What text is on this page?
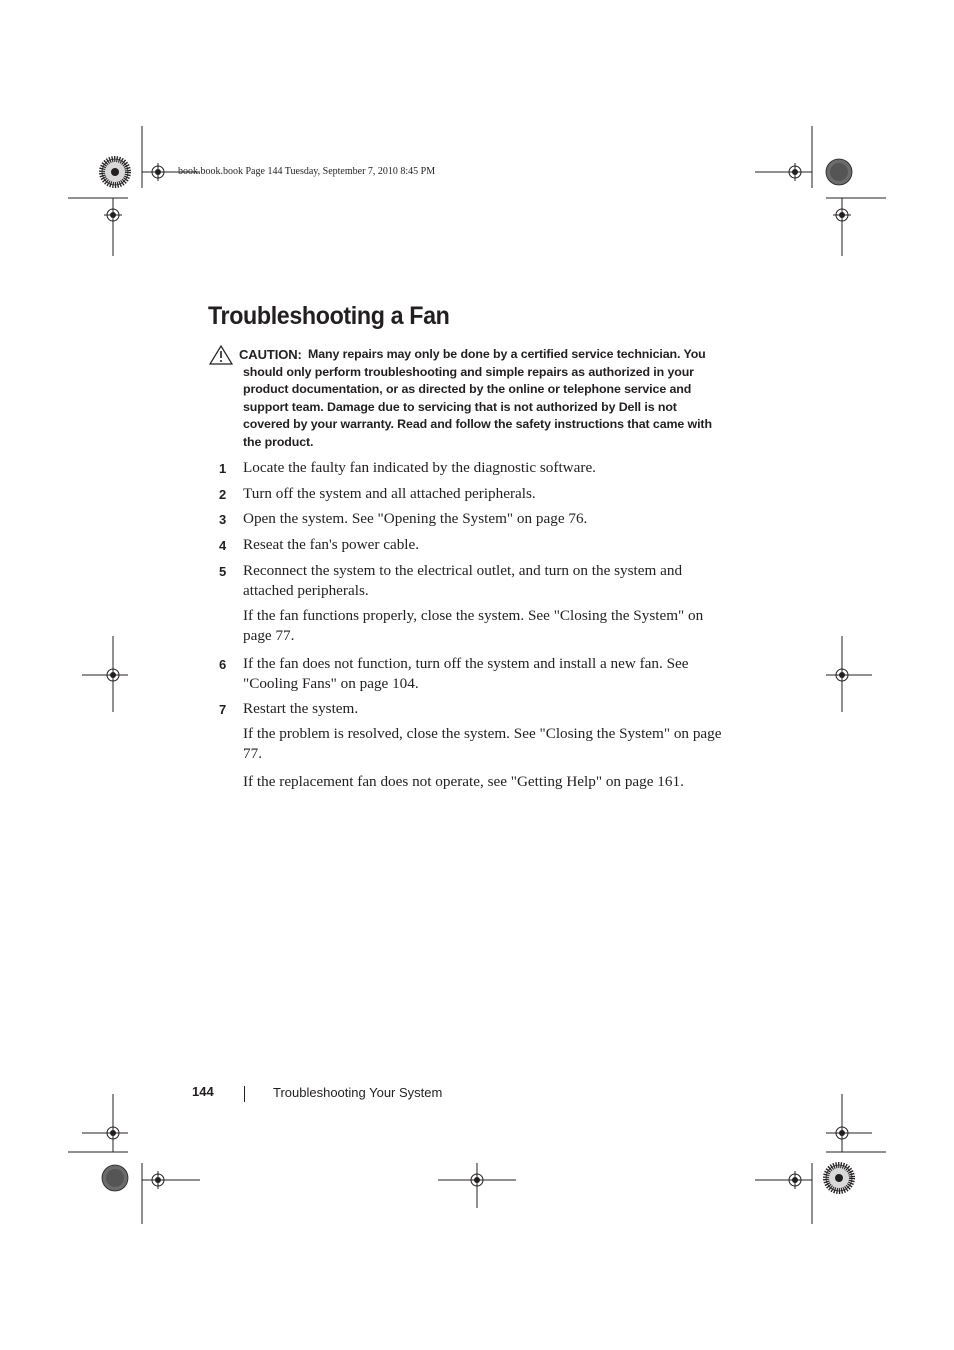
book.book.book Page 144 Tuesday, September 7, 2010 8:45 PM
Troubleshooting a Fan
CAUTION: Many repairs may only be done by a certified service technician. You should only perform troubleshooting and simple repairs as authorized in your product documentation, or as directed by the online or telephone service and support team. Damage due to servicing that is not authorized by Dell is not covered by your warranty. Read and follow the safety instructions that came with the product.
1 Locate the faulty fan indicated by the diagnostic software.
2 Turn off the system and all attached peripherals.
3 Open the system. See "Opening the System" on page 76.
4 Reseat the fan's power cable.
5 Reconnect the system to the electrical outlet, and turn on the system and attached peripherals.
If the fan functions properly, close the system. See "Closing the System" on page 77.
6 If the fan does not function, turn off the system and install a new fan. See "Cooling Fans" on page 104.
7 Restart the system.
If the problem is resolved, close the system. See "Closing the System" on page 77.
If the replacement fan does not operate, see "Getting Help" on page 161.
144	Troubleshooting Your System
